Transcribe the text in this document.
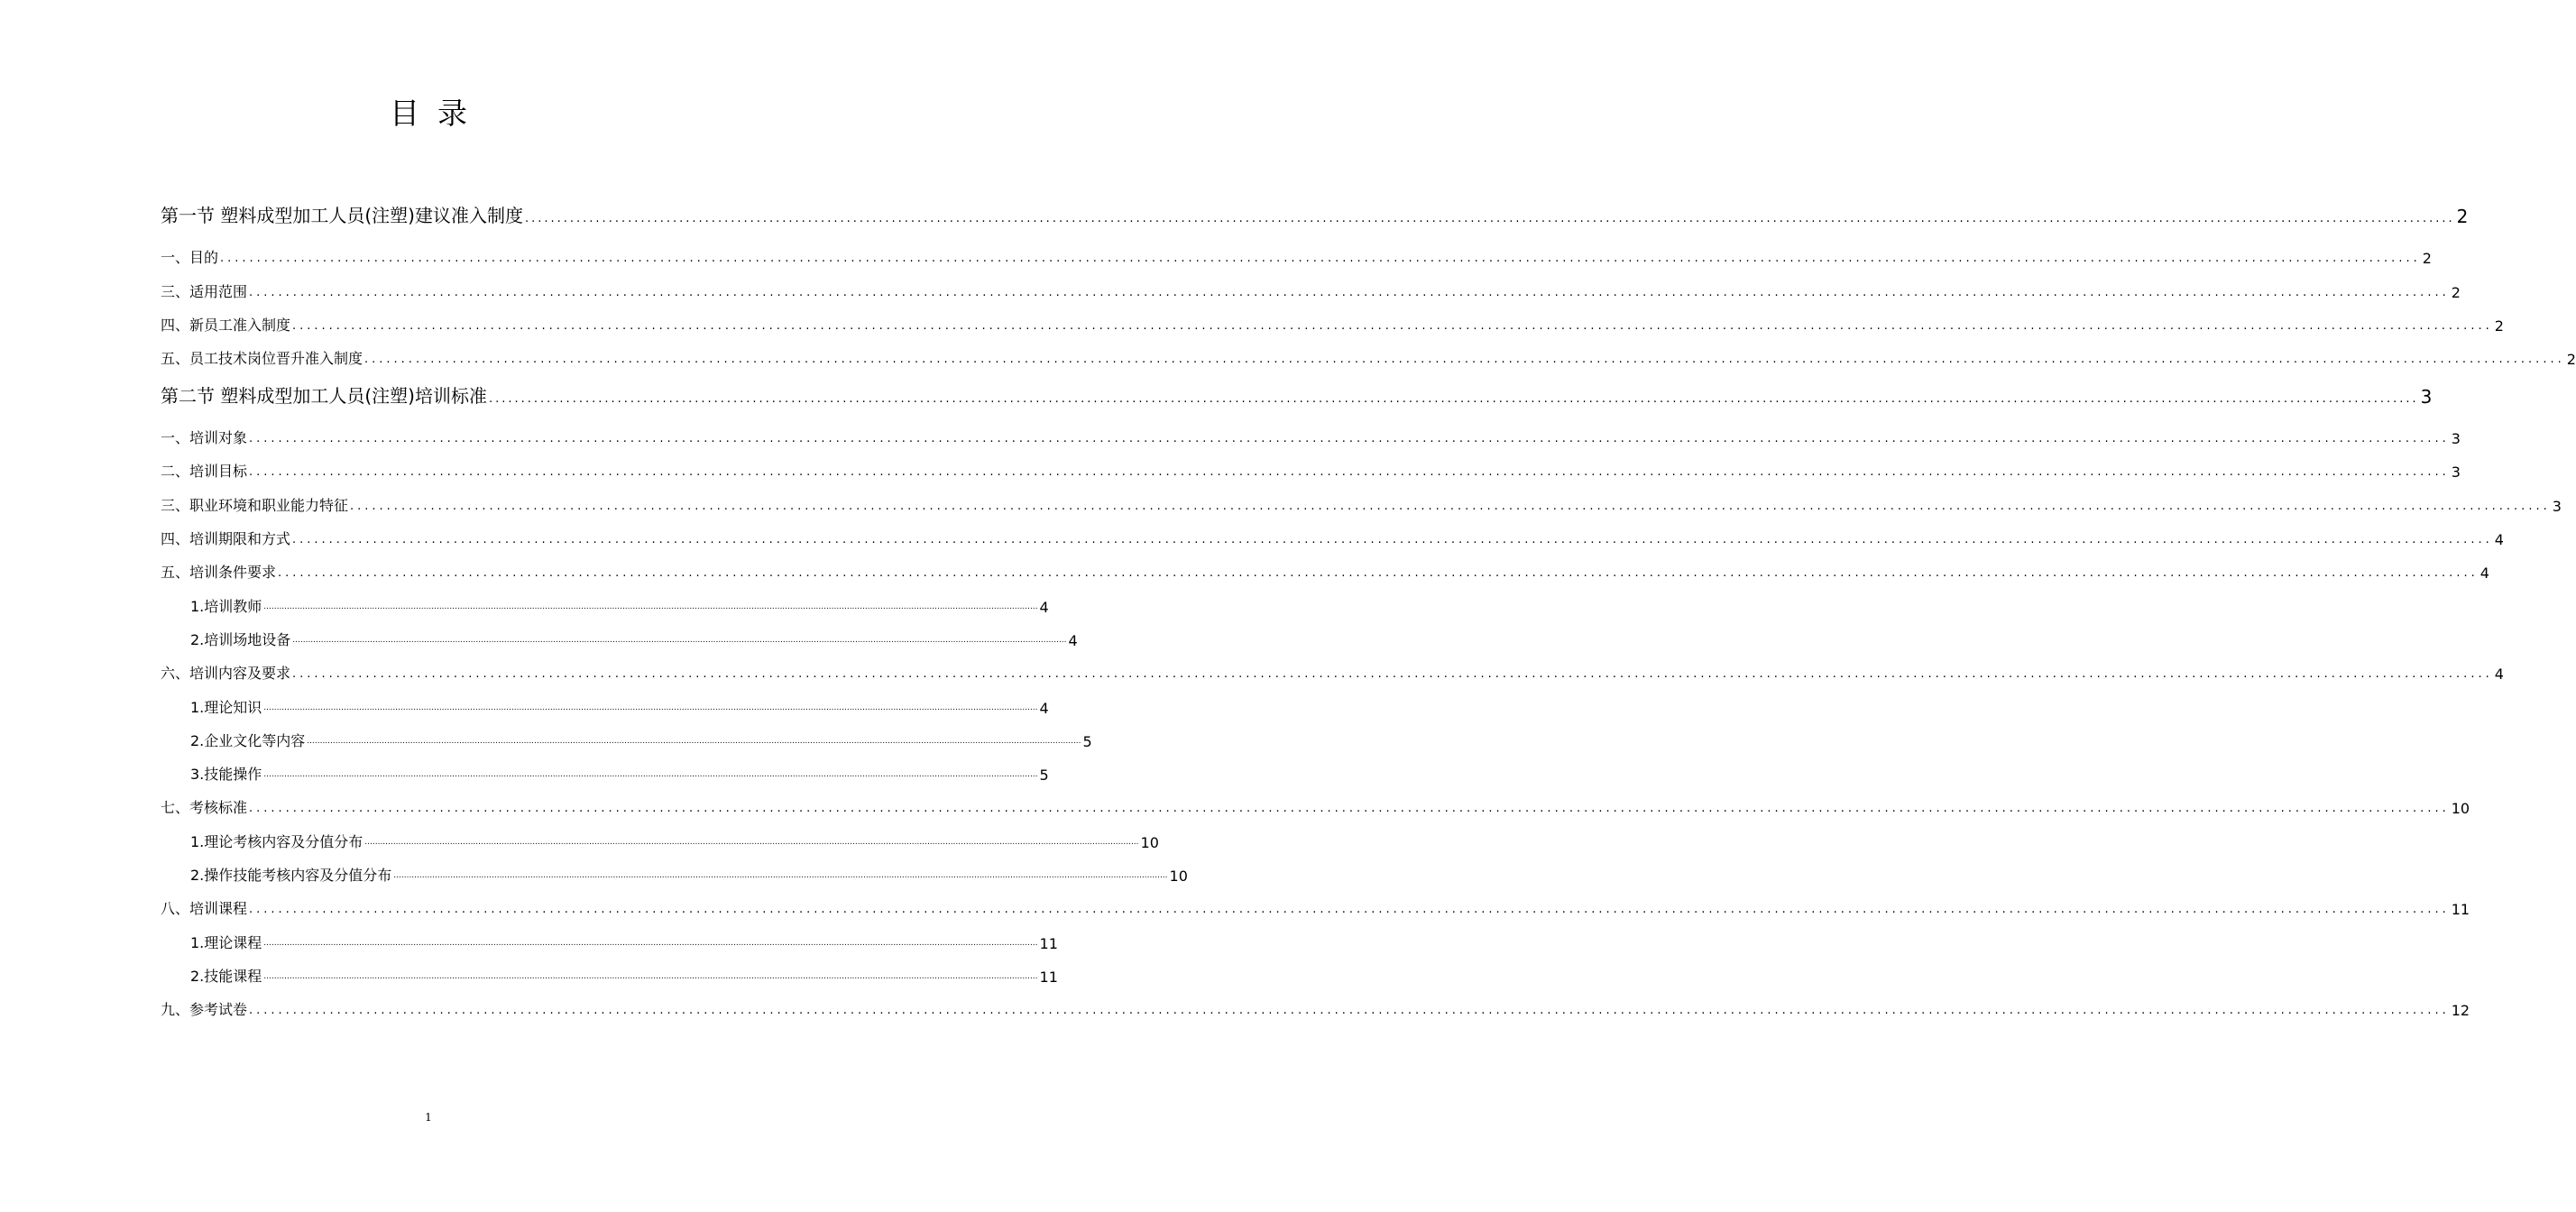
目录
第一节 塑料成型加工人员(注塑)建议准入制度 ............................................................................................................................................................................................................................................................................................................ 2
一、目的 ............................................................................................................................................................................................................................................................................................................ 2
三、适用范围 ............................................................................................................................................................................................................................................................................................................ 2
四、新员工准入制度 ............................................................................................................................................................................................................................................................................................................ 2
五、员工技术岗位晋升准入制度 ............................................................................................................................................................................................................................................................................................................ 2
第二节 塑料成型加工人员(注塑)培训标准 ............................................................................................................................................................................................................................................................................................................ 3
一、培训对象 ............................................................................................................................................................................................................................................................................................................ 3
二、培训目标 ............................................................................................................................................................................................................................................................................................................ 3
三、职业环境和职业能力特征 ............................................................................................................................................................................................................................................................................................................ 3
四、培训期限和方式 ............................................................................................................................................................................................................................................................................................................ 4
五、培训条件要求 ............................................................................................................................................................................................................................................................................................................ 4
1.培训教师 ............................................................................................................................................................................................................................................................................................................ 4
2.培训场地设备 ............................................................................................................................................................................................................................................................................................................ 4
六、培训内容及要求 ............................................................................................................................................................................................................................................................................................................ 4
1.理论知识 ............................................................................................................................................................................................................................................................................................................ 4
2.企业文化等内容 ............................................................................................................................................................................................................................................................................................................ 5
3.技能操作 ............................................................................................................................................................................................................................................................................................................ 5
七、考核标准 ............................................................................................................................................................................................................................................................................................................ 10
1.理论考核内容及分值分布 ............................................................................................................................................................................................................................................................................................................ 10
2.操作技能考核内容及分值分布 ............................................................................................................................................................................................................................................................................................................ 10
八、培训课程 ............................................................................................................................................................................................................................................................................................................ 11
1.理论课程 ............................................................................................................................................................................................................................................................................................................ 11
2.技能课程 ............................................................................................................................................................................................................................................................................................................ 11
九、参考试卷 ............................................................................................................................................................................................................................................................................................................ 12
1
